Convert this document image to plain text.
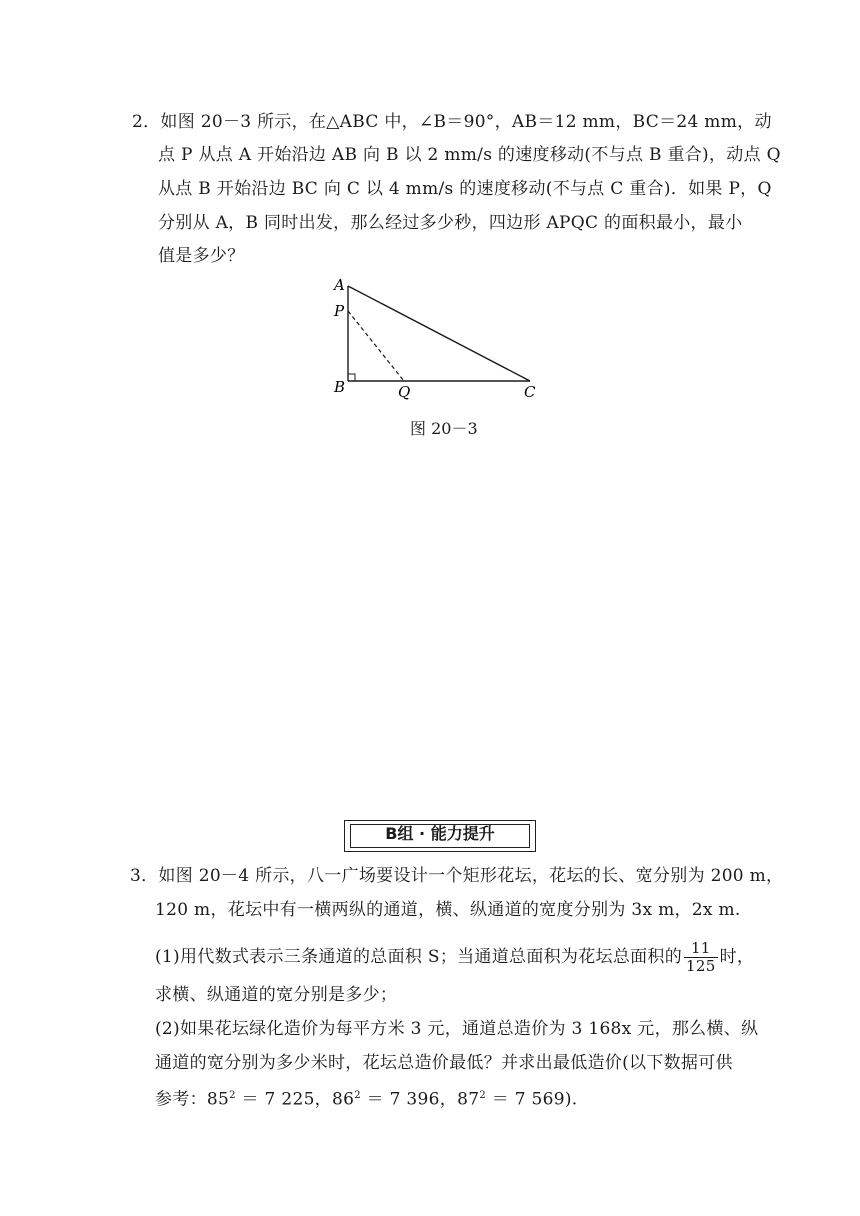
2．如图 20－3 所示，在△ABC 中，∠B＝90°，AB＝12 mm，BC＝24 mm，动
点 P 从点 A 开始沿边 AB 向 B 以 2 mm/s 的速度移动(不与点 B 重合)，动点 Q
从点 B 开始沿边 BC 向 C 以 4 mm/s 的速度移动(不与点 C 重合)．如果 P，Q
分别从 A，B 同时出发，那么经过多少秒，四边形 APQC 的面积最小，最小
值是多少？
A
P
B	Q	C
图 20－3
B组 · 能力提升
3．如图 20－4 所示，八一广场要设计一个矩形花坛，花坛的长、宽分别为 200 m，
120 m，花坛中有一横两纵的通道，横、纵通道的宽度分别为 3x m，2x m.
(1)用代数式表示三条通道的总面积 S；当通道总面积为花坛总面积的 $\frac{11}{125}$ 时，
求横、纵通道的宽分别是多少；
(2)如果花坛绿化造价为每平方米 3 元，通道总造价为 3 168x 元，那么横、纵
通道的宽分别为多少米时，花坛总造价最低？并求出最低造价(以下数据可供
参考：$85^2 = 7$ 225，$86^2 = 7$ 396，$87^2 = 7$ 569).
